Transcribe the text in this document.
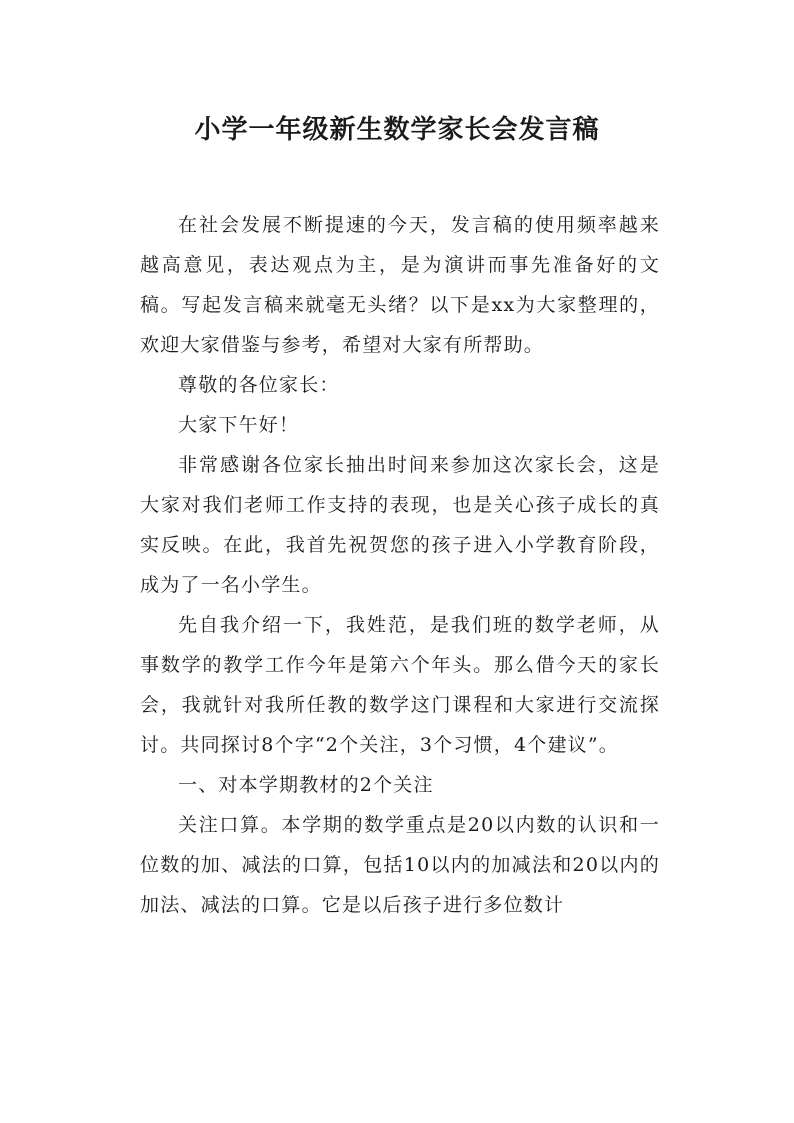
小学一年级新生数学家长会发言稿

在社会发展不断提速的今天，发言稿的使用频率越来越高意见，表达观点为主，是为演讲而事先准备好的文稿。写起发言稿来就毫无头绪？以下是xx为大家整理的，欢迎大家借鉴与参考，希望对大家有所帮助。

尊敬的各位家长：

大家下午好！

非常感谢各位家长抽出时间来参加这次家长会，这是大家对我们老师工作支持的表现，也是关心孩子成长的真实反映。在此，我首先祝贺您的孩子进入小学教育阶段，成为了一名小学生。

先自我介绍一下，我姓范，是我们班的数学老师，从事数学的教学工作今年是第六个年头。那么借今天的家长会，我就针对我所任教的数学这门课程和大家进行交流探讨。共同探讨8个字“2个关注，3个习惯，4个建议”。

一、对本学期教材的2个关注

关注口算。本学期的数学重点是20以内数的认识和一位数的加、减法的口算，包括10以内的加减法和20以内的加法、减法的口算。它是以后孩子进行多位数计
